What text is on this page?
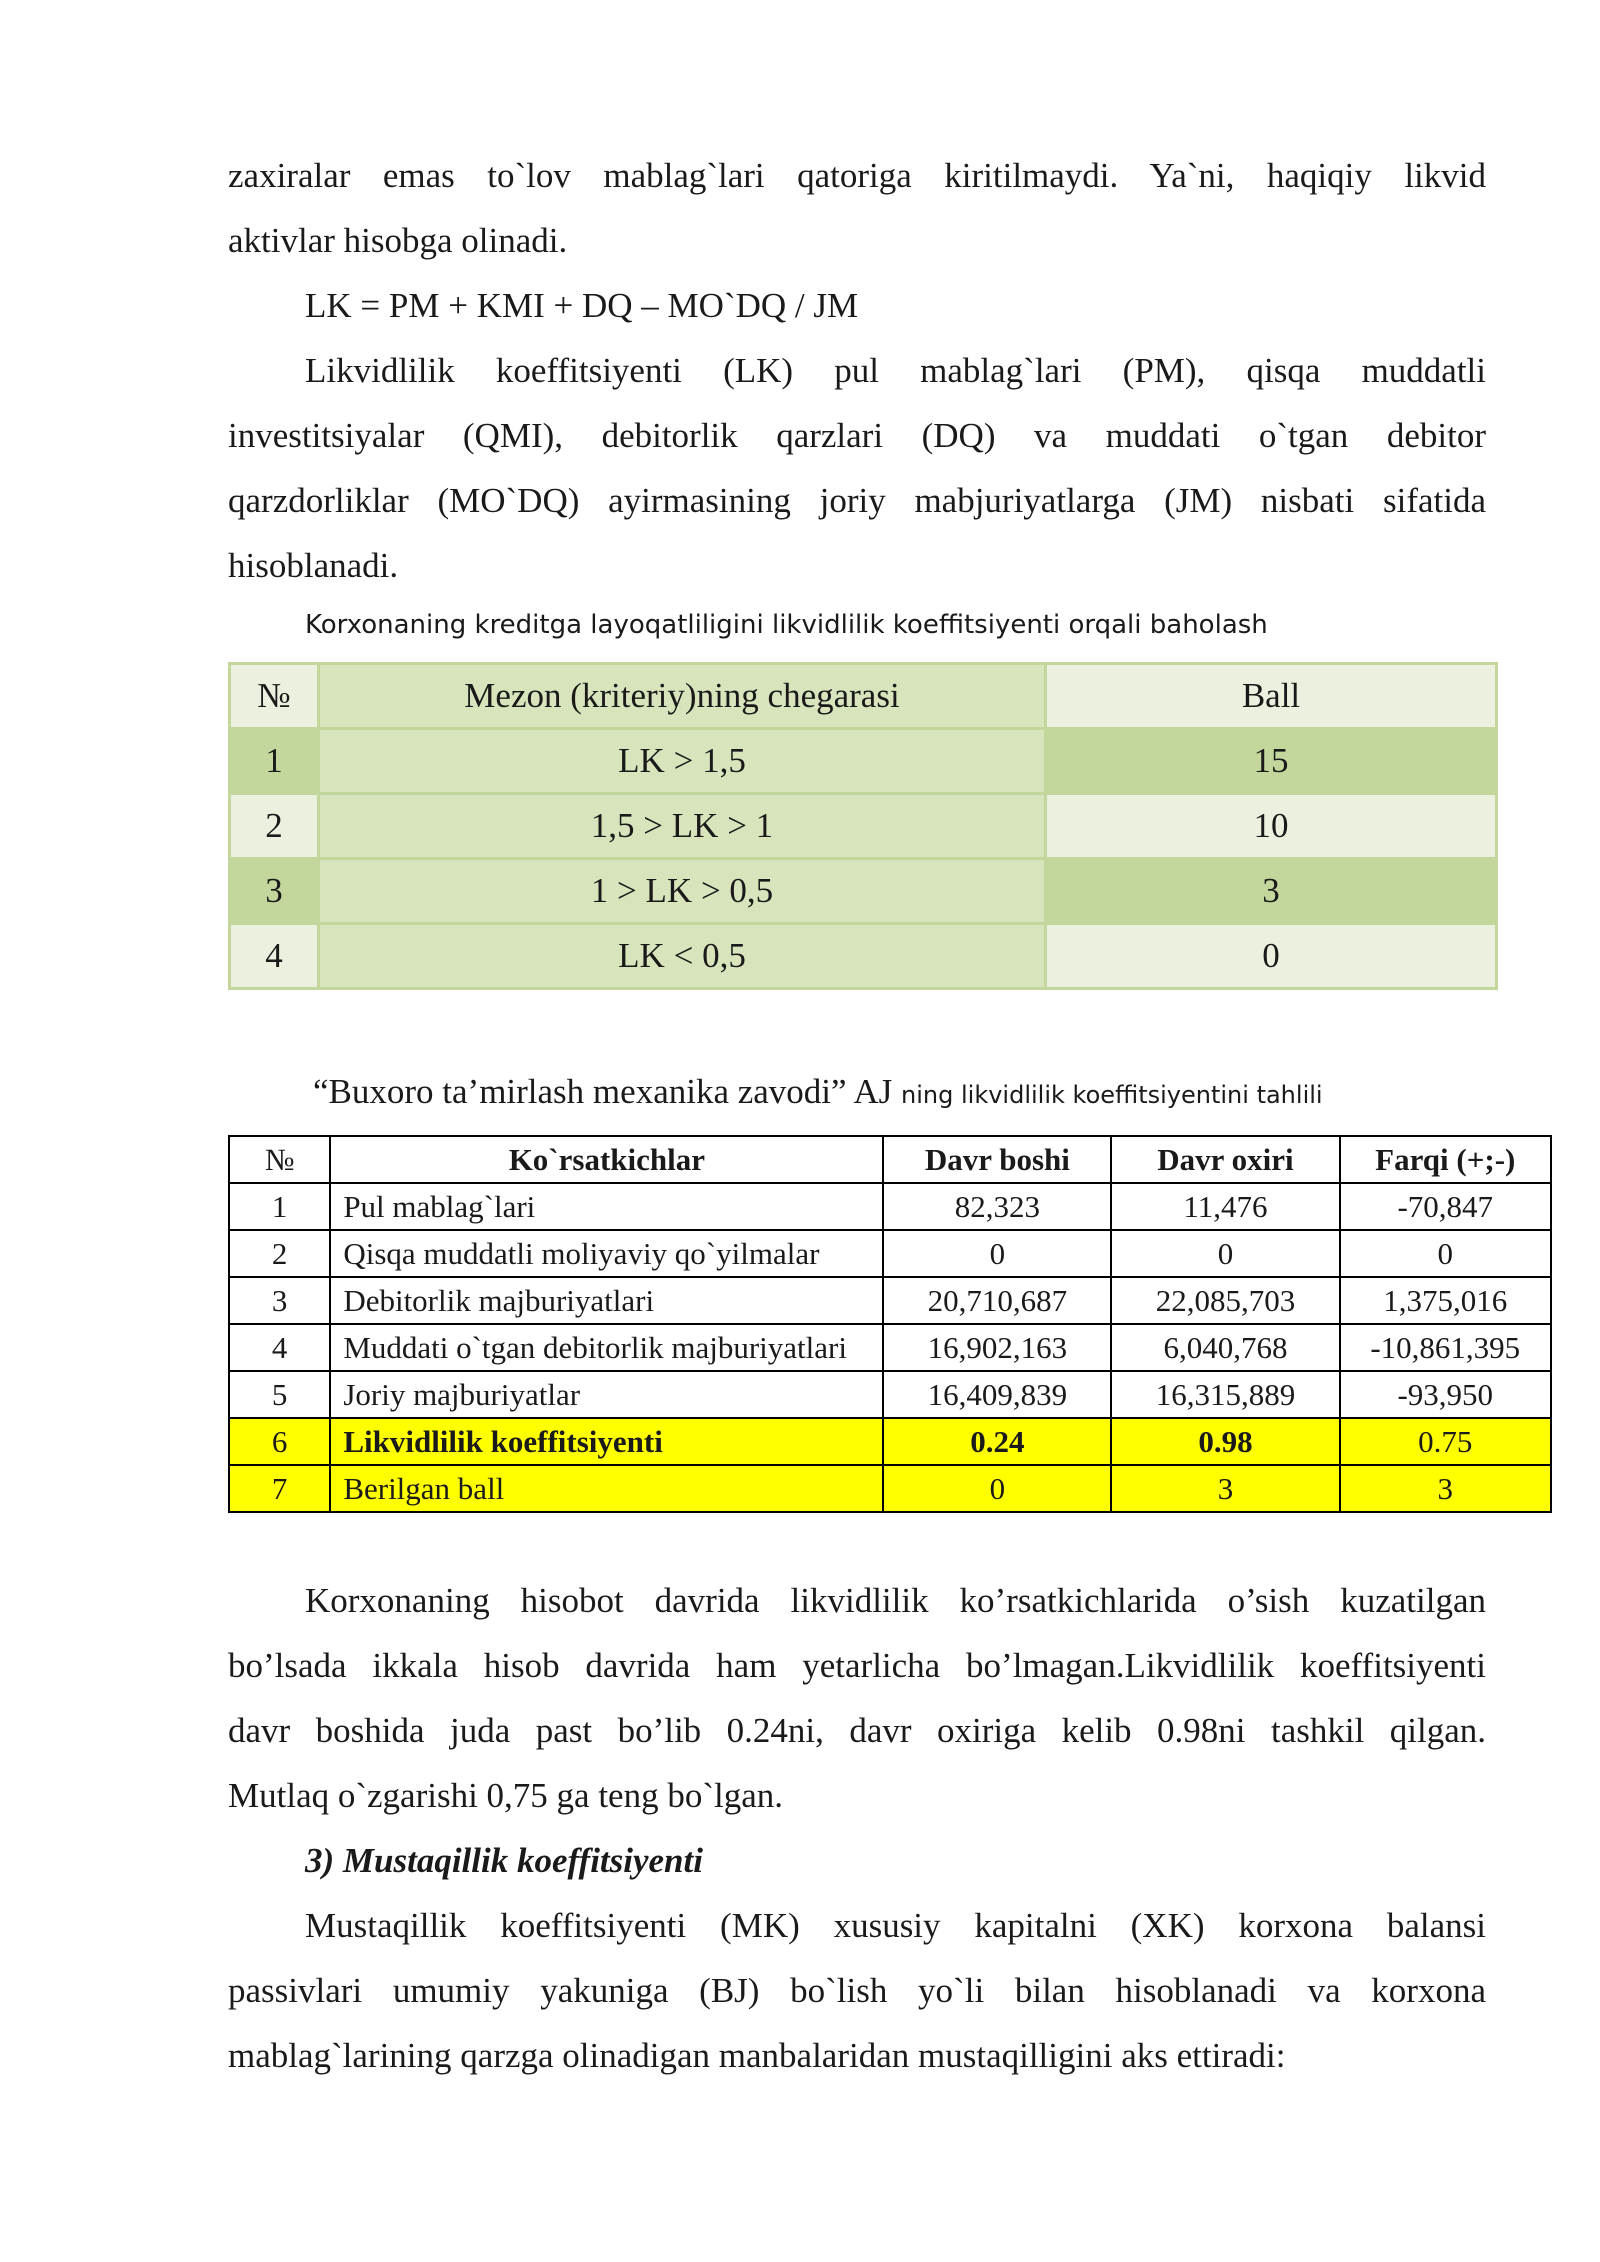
zaxiralar emas to`lov mablag`lari qatoriga kiritilmaydi. Ya`ni, haqiqiy likvid

aktivlar hisobga olinadi.

LK = PM + KMI + DQ – MO`DQ / JM

Likvidlilik koeffitsiyenti (LK) pul mablag`lari (PM), qisqa muddatli

investitsiyalar (QMI), debitorlik qarzlari (DQ) va muddati o`tgan debitor

qarzdorliklar (MO`DQ) ayirmasining joriy mabjuriyatlarga (JM) nisbati sifatida

hisoblanadi.

Korxonaning kreditga layoqatliligini likvidlilik koeffitsiyenti orqali baholash

№	Mezon (kriteriy)ning chegarasi	Ball
1	LK > 1,5	15
2	1,5 > LK > 1	10
3	1 > LK > 0,5	3
4	LK < 0,5	0

“Buxoro ta’mirlash mexanika zavodi” AJ ning likvidlilik koeffitsiyentini tahlili

№	Ko`rsatkichlar	Davr boshi	Davr oxiri	Farqi (+;-)
1	Pul mablag`lari	82,323	11,476	-70,847
2	Qisqa muddatli moliyaviy qo`yilmalar	0	0	0
3	Debitorlik majburiyatlari	20,710,687	22,085,703	1,375,016
4	Muddati o`tgan debitorlik majburiyatlari	16,902,163	6,040,768	-10,861,395
5	Joriy majburiyatlar	16,409,839	16,315,889	-93,950
6	Likvidlilik koeffitsiyenti	0.24	0.98	0.75
7	Berilgan ball	0	3	3

Korxonaning hisobot davrida likvidlilik ko’rsatkichlarida o’sish kuzatilgan

bo’lsada ikkala hisob davrida ham yetarlicha bo’lmagan.Likvidlilik koeffitsiyenti

davr boshida juda past bo’lib 0.24ni, davr oxiriga kelib 0.98ni tashkil qilgan.

Mutlaq o`zgarishi 0,75 ga teng bo`lgan.

3) Mustaqillik koeffitsiyenti

Mustaqillik koeffitsiyenti (MK) xususiy kapitalni (XK) korxona balansi

passivlari umumiy yakuniga (BJ) bo`lish yo`li bilan hisoblanadi va korxona

mablag`larining qarzga olinadigan manbalaridan mustaqilligini aks ettiradi:
